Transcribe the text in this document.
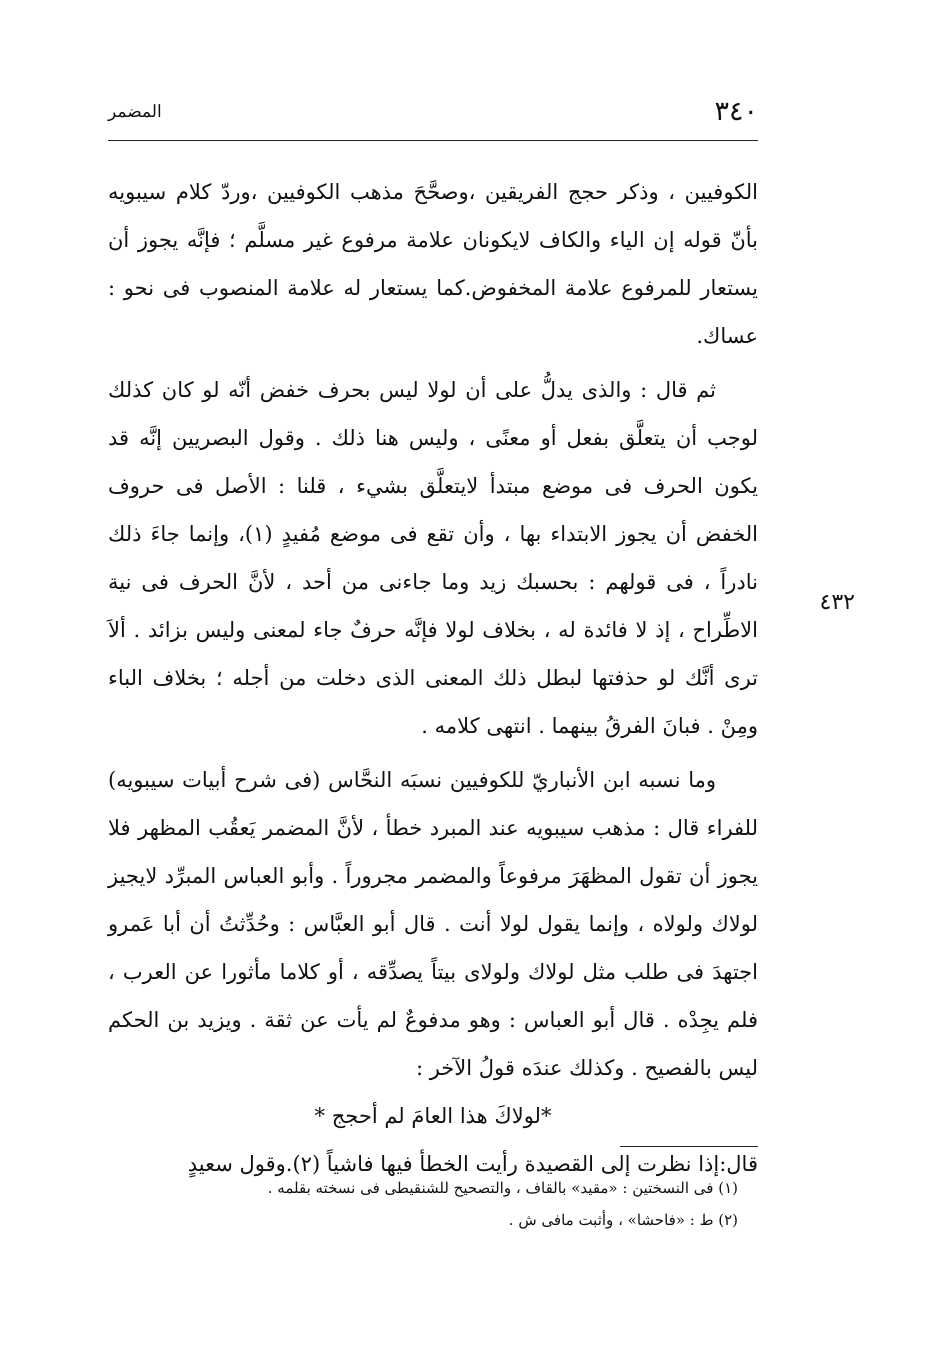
٣٤٠
المضمر
٤٣٢

الكوفيين ، وذكر حجج الفريقين ،وصحَّحَ مذهب الكوفيين ،وردّ كلام سيبويه بأنّ قوله إن الياء والكاف لايكونان علامة مرفوع غير مسلَّم ؛ فإنَّه يجوز أن يستعار للمرفوع علامة المخفوض.كما يستعار له علامة المنصوب فى نحو : عساك.

ثم قال : والذى يدلُّ على أن لولا ليس بحرف خفض أنّه لو كان كذلك لوجب أن يتعلَّق بفعل أو معنًى ، وليس هنا ذلك . وقول البصريين إنَّه قد يكون الحرف فى موضع مبتدأ لايتعلَّق بشيء ، قلنا : الأصل فى حروف الخفض أن يجوز الابتداء بها ، وأن تقع فى موضع مُفيدٍ (١)، وإنما جاءَ ذلك نادراً ، فى قولهم : بحسبك زيد وما جاءنى من أحد ، لأنَّ الحرف فى نية الاطِّراح ، إذ لا فائدة له ، بخلاف لولا فإنَّه حرفٌ جاء لمعنى وليس بزائد . ألاَ ترى أنَّك لو حذفتها لبطل ذلك المعنى الذى دخلت من أجله ؛ بخلاف الباء ومِنْ . فبانَ الفرقُ بينهما . انتهى كلامه .

وما نسبه ابن الأنباريّ للكوفيين نسبَه النحَّاس (فى شرح أبيات سيبويه) للفراء قال : مذهب سيبويه عند المبرد خطأ ، لأنَّ المضمر يَعقُب المظهر فلا يجوز أن تقول المظهَرَ مرفوعاً والمضمر مجروراً . وأبو العباس المبرِّد لايجيز لولاك ولولاه ، وإنما يقول لولا أنت . قال أبو العبَّاس : وحُدِّثتُ أن أبا عَمرو اجتهدَ فى طلب مثل لولاك ولولاى بيتاً يصدِّقه ، أو كلاما مأثورا عن العرب ، فلم يجِدْه . قال أبو العباس : وهو مدفوعٌ لم يأت عن ثقة . ويزيد بن الحكم ليس بالفصيح . وكذلك عندَه قولُ الآخر :

*لولاكَ هذا العامَ لم أحجج *

قال:إذا نظرت إلى القصيدة رأيت الخطأ فيها فاشياً (٢).وقول سعيدٍ

(١) فى النسختين : «مقيد» بالقاف ، والتصحيح للشنقيطى فى نسخته بقلمه .

(٢) ط : «فاحشا» ، وأثبت مافى ش .
